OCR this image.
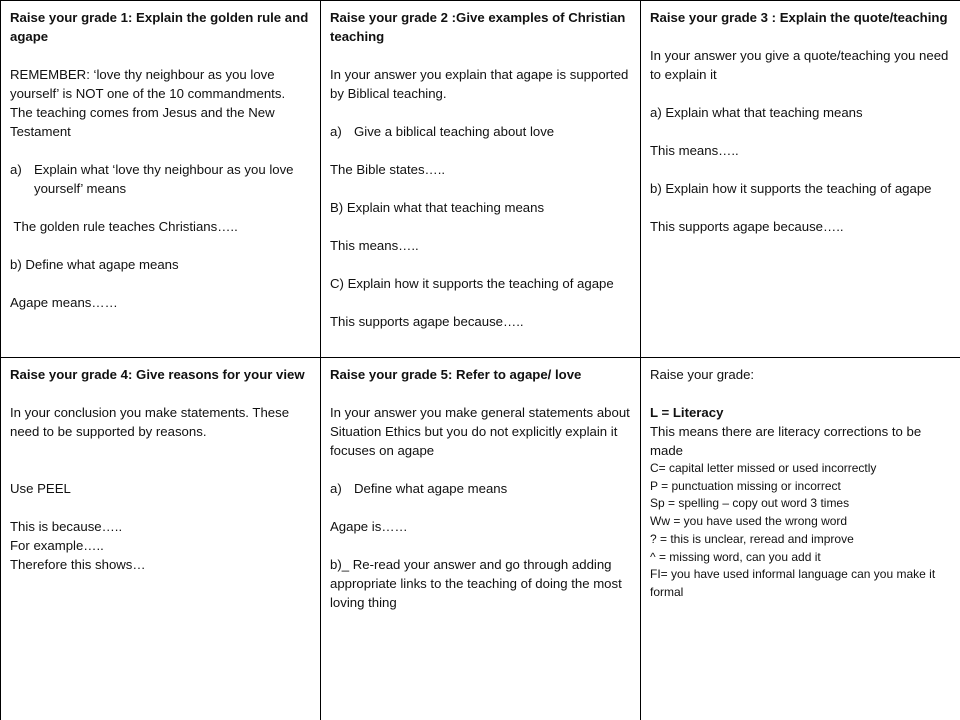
Raise your grade 1: Explain the golden rule and agape

REMEMBER: ‘love thy neighbour as you love yourself’ is NOT one of the 10 commandments. The teaching comes from Jesus and the New Testament

a) Explain what ‘love thy neighbour as you love yourself’ means

The golden rule teaches Christians…..

b) Define what agape means

Agape means……

Raise your grade 2 :Give examples of Christian teaching

In your answer you explain that agape is supported by Biblical teaching.

a) Give a biblical teaching about love

The Bible states…..

B) Explain what that teaching means

This means…..

C) Explain how it supports the teaching of agape

This supports agape because…..

Raise your grade 3 : Explain the quote/teaching

In your answer you give a quote/teaching you need to explain it

a) Explain what that teaching means

This means…..

b) Explain how it supports the teaching of agape

This supports agape because…..

Raise your grade 4: Give reasons for your view

In your conclusion you make statements. These need to be supported by reasons.

Use PEEL

This is because…..

For example…..

Therefore this shows…

Raise your grade 5: Refer to agape/ love

In your answer you make general statements about Situation Ethics but you do not explicitly explain it focuses on agape

a) Define what agape means

Agape is……

b)_ Re-read your answer and go through adding appropriate links to the teaching of doing the most loving thing

Raise your grade:

L = Literacy

This means there are literacy corrections to be made

C= capital letter missed or used incorrectly

P = punctuation missing or incorrect

Sp = spelling – copy out word 3 times

Ww = you have used the wrong word

? = this is unclear, reread and improve

^ = missing word, can you add it

FI= you have used informal language can you make it formal
